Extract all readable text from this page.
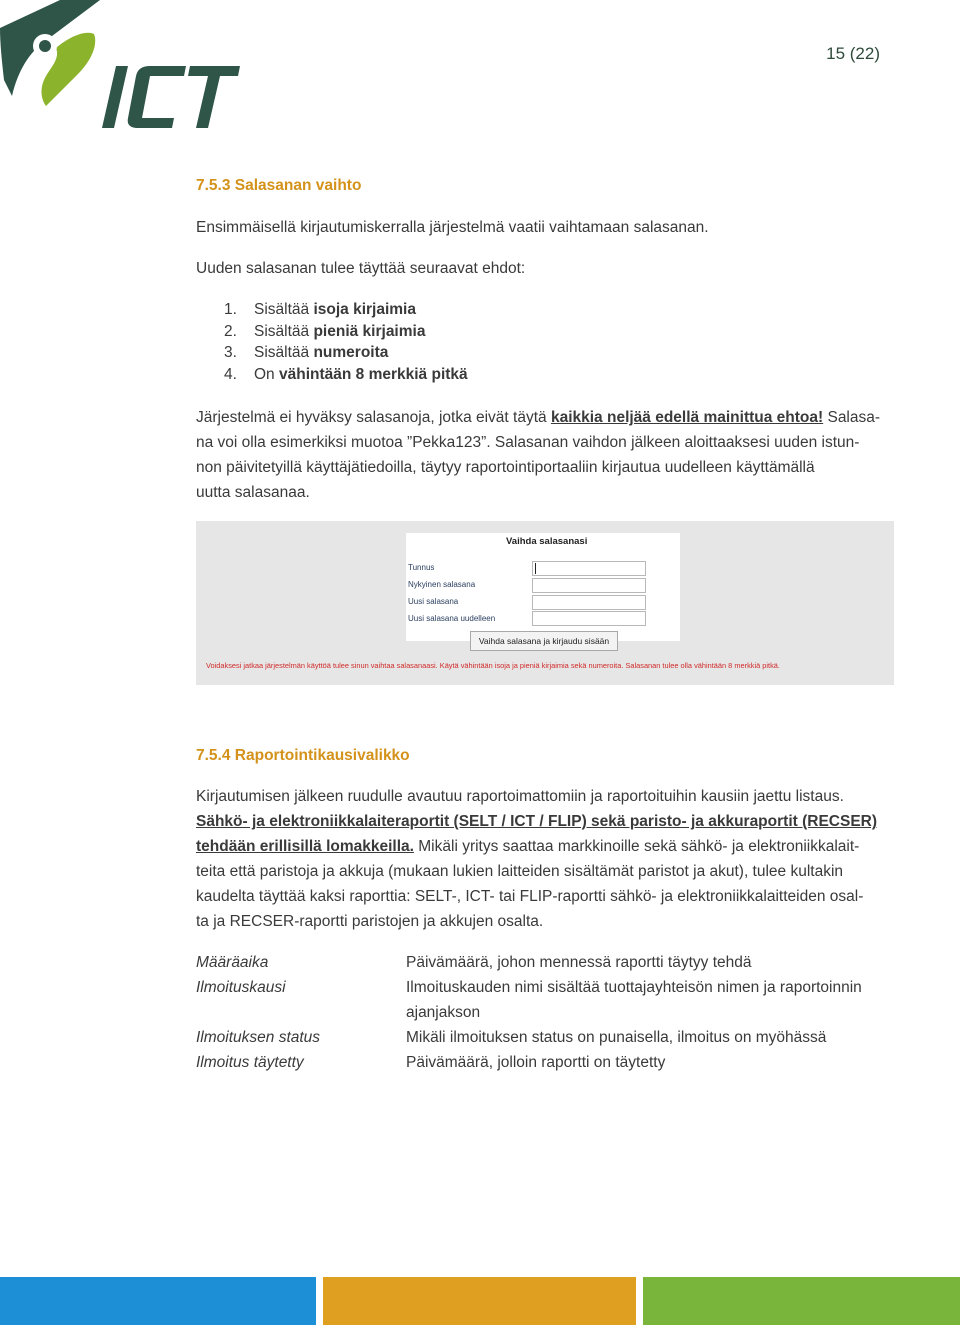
15 (22)
7.5.3 Salasanan vaihto
Ensimmäisellä kirjautumiskerralla järjestelmä vaatii vaihtamaan salasanan.
Uuden salasanan tulee täyttää seuraavat ehdot:
1. Sisältää isoja kirjaimia
2. Sisältää pieniä kirjaimia
3. Sisältää numeroita
4. On vähintään 8 merkkiä pitkä
Järjestelmä ei hyväksy salasanoja, jotka eivät täytä kaikkia neljää edellä mainittua ehtoa! Salasa-
na voi olla esimerkiksi muotoa ”Pekka123”. Salasanan vaihdon jälkeen aloittaaksesi uuden istun-
non päivitetyillä käyttäjätiedoilla, täytyy raportointiportaaliin kirjautua uudelleen käyttämällä
uutta salasanaa.
Vaihda salasanasi
Tunnus
Nykyinen salasana
Uusi salasana
Uusi salasana uudelleen
Vaihda salasana ja kirjaudu sisään
Voidaksesi jatkaa järjestelmän käyttöä tulee sinun vaihtaa salasanaasi. Käytä vähintään isoja ja pieniä kirjaimia sekä numeroita. Salasanan tulee olla vähintään 8 merkkiä pitkä.
7.5.4 Raportointikausivalikko
Kirjautumisen jälkeen ruudulle avautuu raportoimattomiin ja raportoituihin kausiin jaettu listaus.
Sähkö- ja elektroniikkalaiteraportit (SELT / ICT / FLIP) sekä paristo- ja akkuraportit (RECSER)
tehdään erillisillä lomakkeilla. Mikäli yritys saattaa markkinoille sekä sähkö- ja elektroniikkalait-
teita että paristoja ja akkuja (mukaan lukien laitteiden sisältämät paristot ja akut), tulee kultakin
kaudelta täyttää kaksi raporttia: SELT-, ICT- tai FLIP-raportti sähkö- ja elektroniikkalaitteiden osal-
ta ja RECSER-raportti paristojen ja akkujen osalta.
Määräaika	Päivämäärä, johon mennessä raportti täytyy tehdä
Ilmoituskausi	Ilmoituskauden nimi sisältää tuottajayhteisön nimen ja raportoinnin
ajanjakson
Ilmoituksen status	Mikäli ilmoituksen status on punaisella, ilmoitus on myöhässä
Ilmoitus täytetty	Päivämäärä, jolloin raportti on täytetty
